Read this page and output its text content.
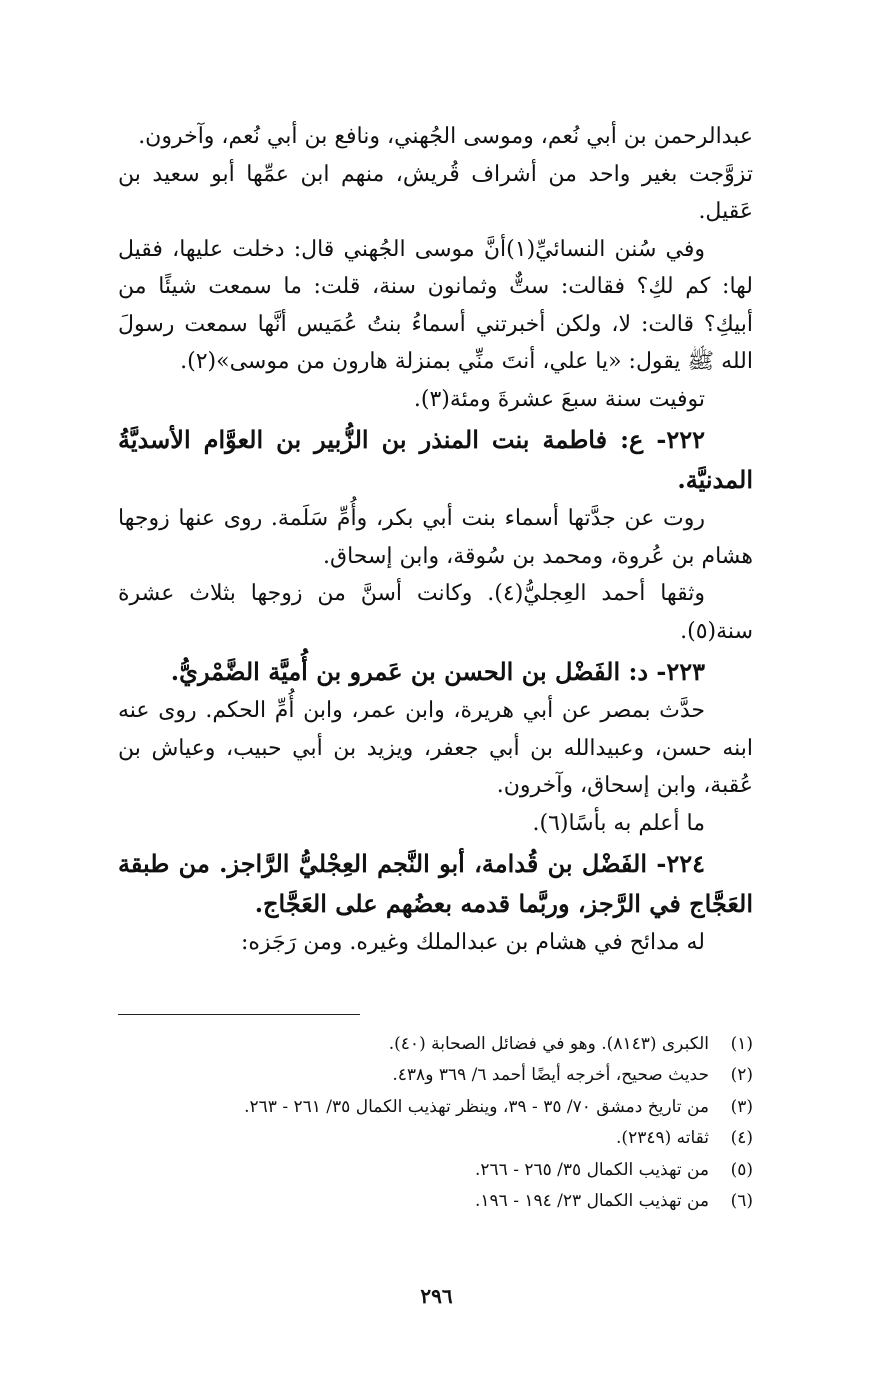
عبدالرحمن بن أبي نُعم، وموسى الجُهني، ونافع بن أبي نُعم، وآخرون.

تزوَّجت بغير واحد من أشراف قُريش، منهم ابن عمِّها أبو سعيد بن عَقيل.

وفي سُنن النسائيِّ(١)أنَّ موسى الجُهني قال: دخلت عليها، فقيل لها: كم لكِ؟ فقالت: ستٌّ وثمانون سنة، قلت: ما سمعت شيئًا من أبيكِ؟ قالت: لا، ولكن أخبرتني أسماءُ بنتُ عُمَيس أنَّها سمعت رسولَ الله ﷺ يقول: «يا علي، أنتَ منِّي بمنزلة هارون من موسى»(٢).

توفيت سنة سبعَ عشرةَ ومئة(٣).

٢٢٢- ع: فاطمة بنت المنذر بن الزُّبير بن العوَّام الأسديَّةُ المدنيَّة.

روت عن جدَّتها أسماء بنت أبي بكر، وأُمِّ سَلَمة. روى عنها زوجها هشام بن عُروة، ومحمد بن سُوقة، وابن إسحاق.

وثقها أحمد العِجليُّ(٤). وكانت أسنَّ من زوجها بثلاث عشرة سنة(٥).

٢٢٣- د: الفَضْل بن الحسن بن عَمرو بن أُميَّة الضَّمْريُّ.

حدَّث بمصر عن أبي هريرة، وابن عمر، وابن أُمِّ الحكم. روى عنه ابنه حسن، وعبيدالله بن أبي جعفر، ويزيد بن أبي حبيب، وعياش بن عُقبة، وابن إسحاق، وآخرون.

ما أعلم به بأسًا(٦).

٢٢٤- الفَضْل بن قُدامة، أبو النَّجم العِجْليُّ الرَّاجز. من طبقة العَجَّاج في الرَّجز، وربَّما قدمه بعضُهم على العَجَّاج.

له مدائح في هشام بن عبدالملك وغيره. ومن رَجَزه:

(١)
الكبرى (٨١٤٣). وهو في فضائل الصحابة (٤٠).
(٢)
حديث صحيح، أخرجه أيضًا أحمد ٦/ ٣٦٩ و٤٣٨.
(٣)
من تاريخ دمشق ٧٠/ ٣٥ - ٣٩، وينظر تهذيب الكمال ٣٥/ ٢٦١ - ٢٦٣.
(٤)
ثقاته (٢٣٤٩).
(٥)
من تهذيب الكمال ٣٥/ ٢٦٥ - ٢٦٦.
(٦)
من تهذيب الكمال ٢٣/ ١٩٤ - ١٩٦.
٢٩٦
